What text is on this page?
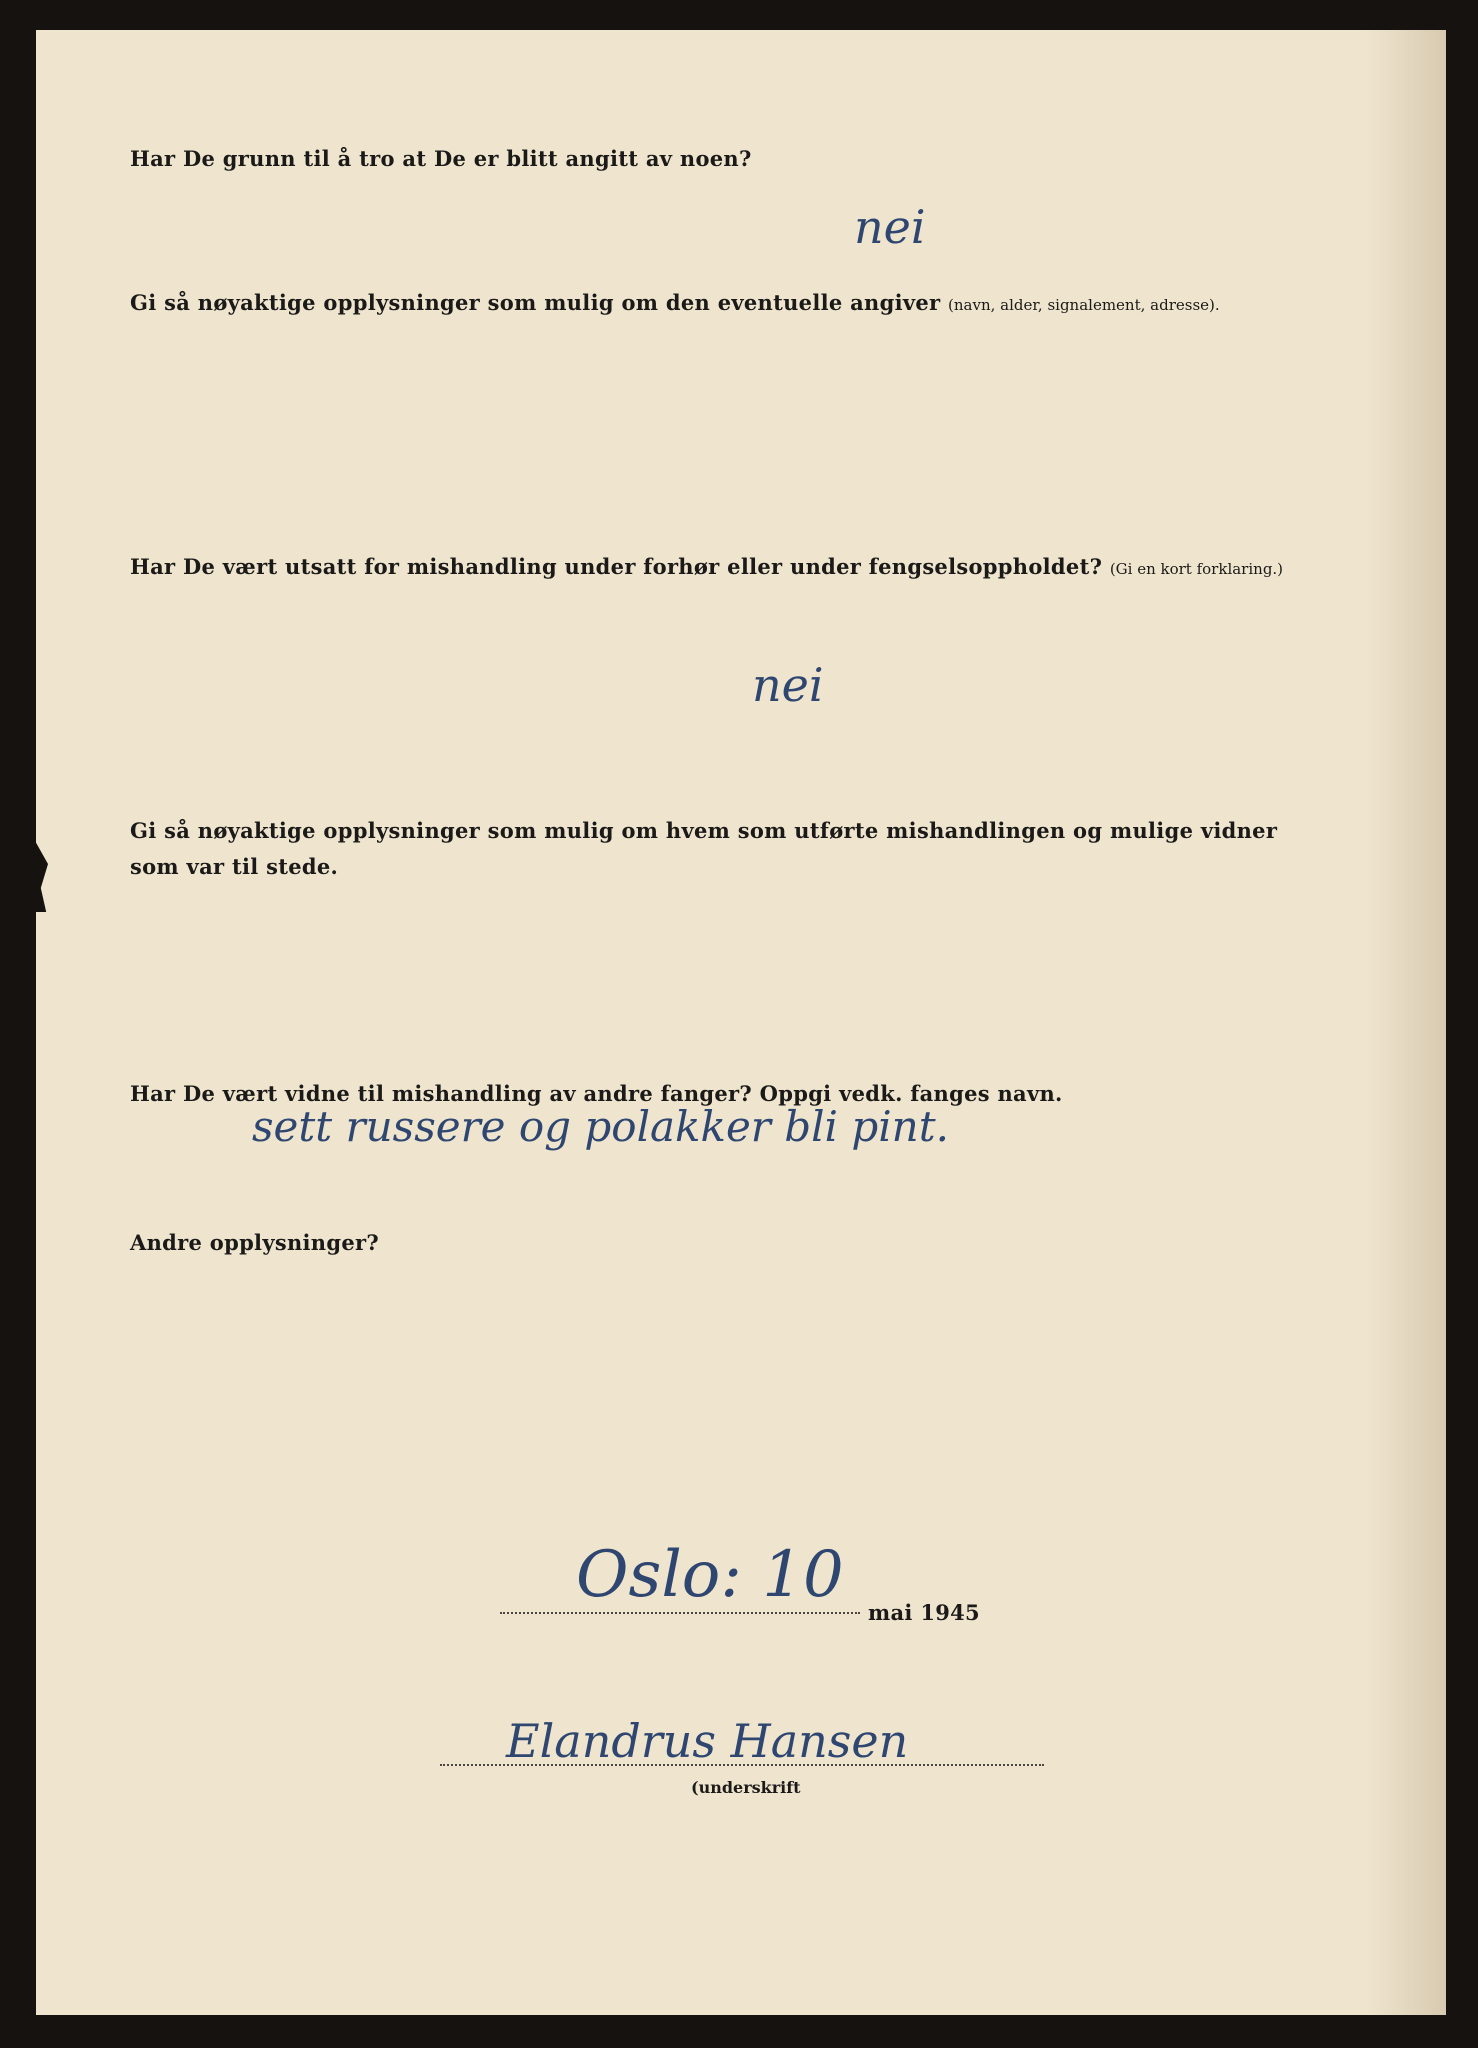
Har De grunn til å tro at De er blitt angitt av noen?
nei
Gi så nøyaktige opplysninger som mulig om den eventuelle angiver (navn, alder, signalement, adresse).
Har De vært utsatt for mishandling under forhør eller under fengselsoppholdet? (Gi en kort forklaring.)
nei
Gi så nøyaktige opplysninger som mulig om hvem som utførte mishandlingen og mulige vidner
som var til stede.
Har De vært vidne til mishandling av andre fanger? Oppgi vedk. fanges navn.
sett russere og polakker bli pint.
Andre opplysninger?
Oslo: 10
mai 1945
Elandrus Hansen
(underskrift
